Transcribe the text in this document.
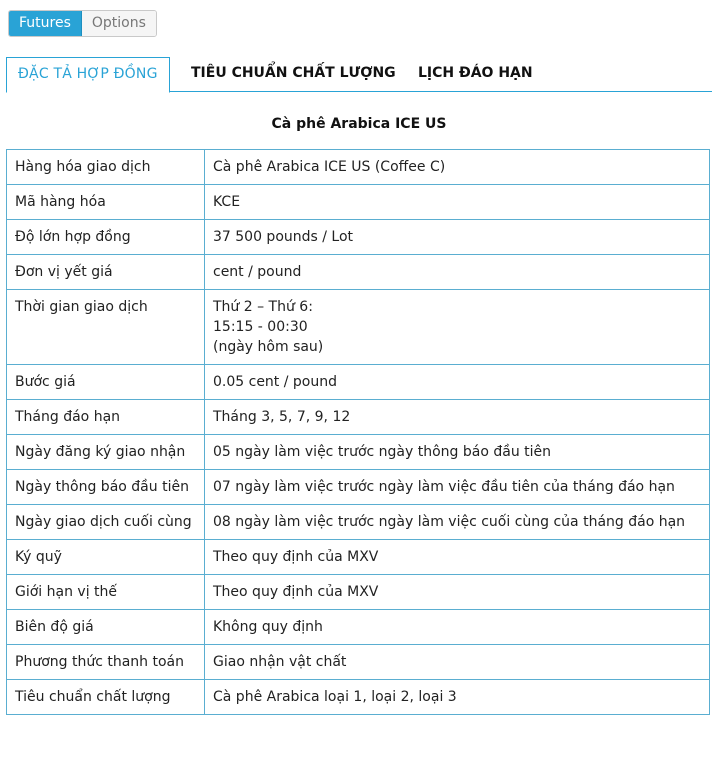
Futures	Options
ĐẶC TẢ HỢP ĐỒNG	TIÊU CHUẨN CHẤT LƯỢNG LỊCH ĐÁO HẠN
Cà phê Arabica ICE US
Hàng hóa giao dịch	Cà phê Arabica ICE US (Coffee C)

Mã hàng hóa	KCE

Độ lớn hợp đồng	37 500 pounds / Lot

Đơn vị yết giá	cent / pound

Thời gian giao dịch	Thứ 2 – Thứ 6:
15:15 - 00:30
(ngày hôm sau)

Bước giá	0.05 cent / pound

Tháng đáo hạn	Tháng 3, 5, 7, 9, 12

Ngày đăng ký giao nhận	05 ngày làm việc trước ngày thông báo đầu tiên

Ngày thông báo đầu tiên	07 ngày làm việc trước ngày làm việc đầu tiên của tháng đáo hạn

Ngày giao dịch cuối cùng	08 ngày làm việc trước ngày làm việc cuối cùng của tháng đáo hạn

Ký quỹ	Theo quy định của MXV

Giới hạn vị thế	Theo quy định của MXV

Biên độ giá	Không quy định

Phương thức thanh toán	Giao nhận vật chất

Tiêu chuẩn chất lượng	Cà phê Arabica loại 1, loại 2, loại 3
